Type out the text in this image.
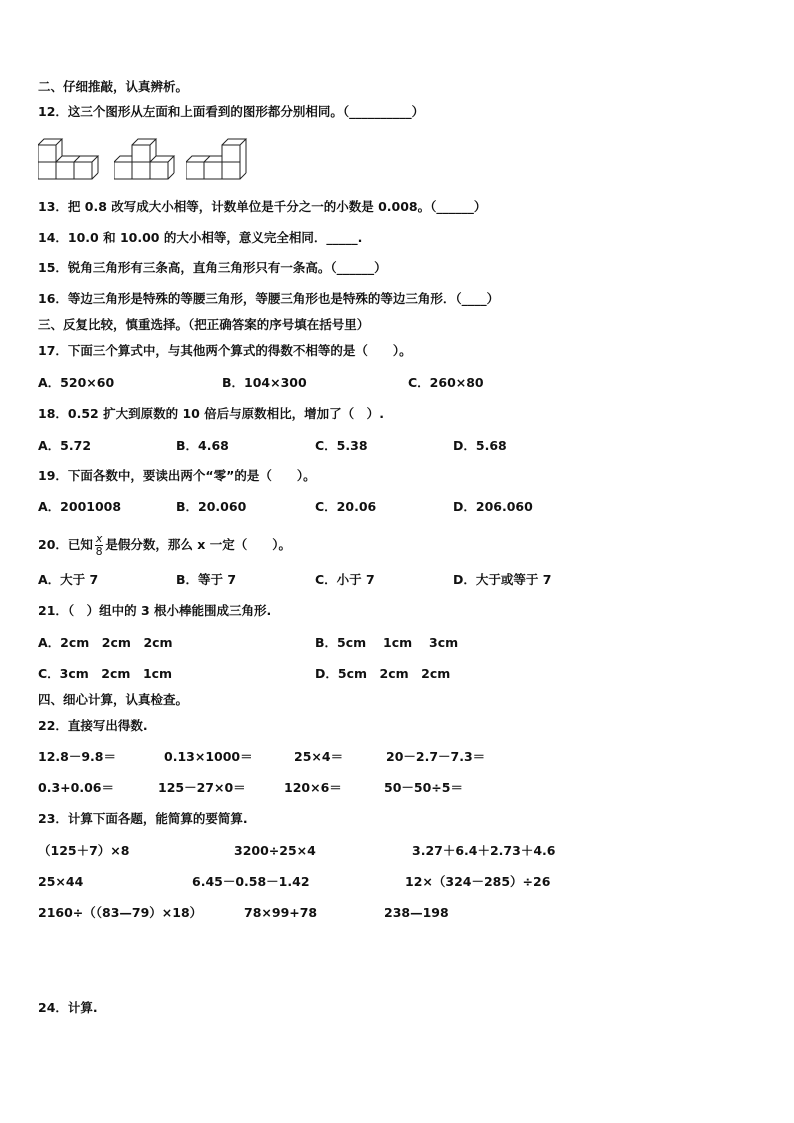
二、仔细推敲，认真辨析。
12．这三个图形从左面和上面看到的图形都分别相同。（__________）
13．把 0.8 改写成大小相等，计数单位是千分之一的小数是 0.008。（______）
14．10.0 和 10.00 的大小相等，意义完全相同．_____.
15．锐角三角形有三条高，直角三角形只有一条高。（______）
16．等边三角形是特殊的等腰三角形，等腰三角形也是特殊的等边三角形．（____）
三、反复比较，慎重选择。（把正确答案的序号填在括号里）
17．下面三个算式中，与其他两个算式的得数不相等的是（　　）。
A．520×60	B．104×300	C．260×80
18．0.52 扩大到原数的 10 倍后与原数相比，增加了（　）.
A．5.72	B．4.68	C．5.38	D．5.68
19．下面各数中，要读出两个“零”的是（　　）。
A．2001008	B．20.060	C．20.06	D．206.060
20．已知 $\frac{x}{8}$ 是假分数，那么 x 一定（　　）。
A．大于 7	B．等于 7	C．小于 7	D．大于或等于 7
21．（　）组中的 3 根小棒能围成三角形.
A．2cm　2cm　2cm	B．5cm　 1cm　 3cm
C．3cm　2cm　1cm	D．5cm　2cm　2cm
四、细心计算，认真检查。
22．直接写出得数.
12.8－9.8＝	0.13×1000＝	25×4＝	20－2.7－7.3＝
0.3+0.06＝	125－27×0＝	120×6＝	50－50÷5＝
23．计算下面各题，能简算的要简算.
（125＋7）×8	3200÷25×4	3.27＋6.4＋2.73＋4.6
25×44	6.45－0.58－1.42	12×（324－285）÷26
2160÷（（83—79）×18）	78×99+78	238—198
24．计算.
